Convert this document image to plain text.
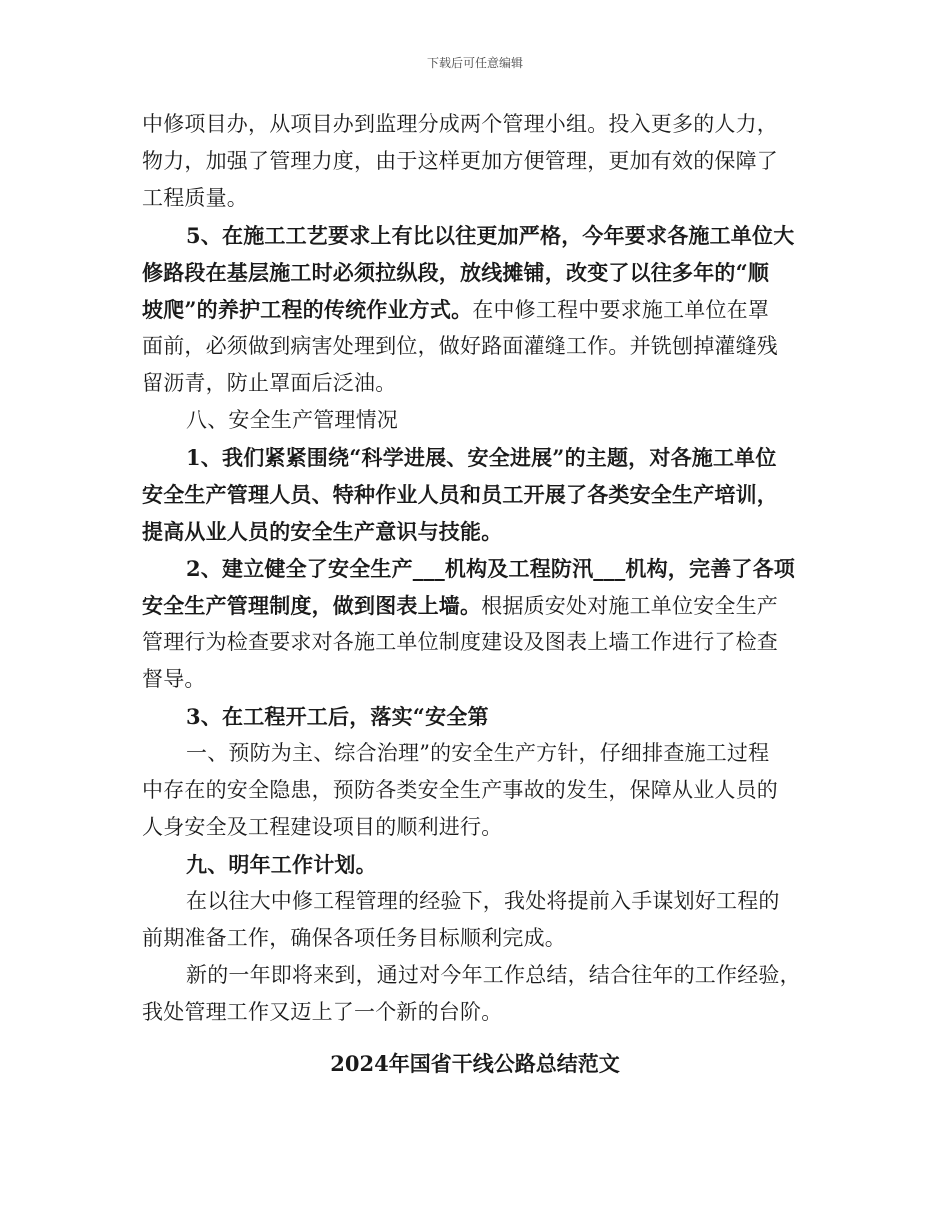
下载后可任意编辑
中修项目办，从项目办到监理分成两个管理小组。投入更多的人力，
物力，加强了管理力度，由于这样更加方便管理，更加有效的保障了
工程质量。
5、在施工工艺要求上有比以往更加严格，今年要求各施工单位大
修路段在基层施工时必须拉纵段，放线摊铺，改变了以往多年的“顺
坡爬”的养护工程的传统作业方式。在中修工程中要求施工单位在罩
面前，必须做到病害处理到位，做好路面灌缝工作。并铣刨掉灌缝残
留沥青，防止罩面后泛油。
八、安全生产管理情况
1、我们紧紧围绕“科学进展、安全进展”的主题，对各施工单位
安全生产管理人员、特种作业人员和员工开展了各类安全生产培训，
提高从业人员的安全生产意识与技能。
2、建立健全了安全生产___机构及工程防汛___机构，完善了各项
安全生产管理制度，做到图表上墙。根据质安处对施工单位安全生产
管理行为检查要求对各施工单位制度建设及图表上墙工作进行了检查
督导。
3、在工程开工后，落实“安全第
一、预防为主、综合治理”的安全生产方针，仔细排查施工过程
中存在的安全隐患，预防各类安全生产事故的发生，保障从业人员的
人身安全及工程建设项目的顺利进行。
九、明年工作计划。
在以往大中修工程管理的经验下，我处将提前入手谋划好工程的
前期准备工作，确保各项任务目标顺利完成。
新的一年即将来到，通过对今年工作总结，结合往年的工作经验，
我处管理工作又迈上了一个新的台阶。
2024年国省干线公路总结范文
